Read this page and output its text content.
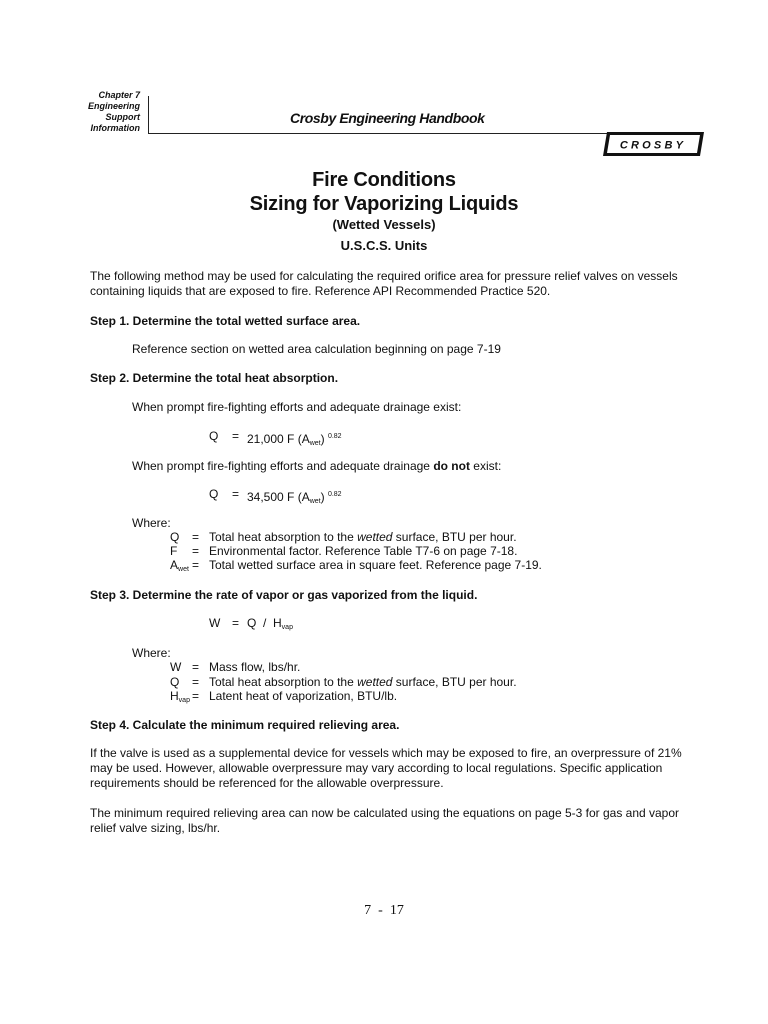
Chapter 7
Engineering
Support
Information
Crosby Engineering Handbook
CROSBY
Fire Conditions
Sizing for Vaporizing Liquids
(Wetted Vessels)
U.S.C.S. Units
The following method may be used for calculating the required orifice area for pressure relief valves on vessels
containing liquids that are exposed to fire. Reference API Recommended Practice 520.
Step 1. Determine the total wetted surface area.
Reference section on wetted area calculation beginning on page 7-19
Step 2. Determine the total heat absorption.
When prompt fire-fighting efforts and adequate drainage exist:
Q = 21,000 F $(A_{wet})$ $^{0.82}$
When prompt fire-fighting efforts and adequate drainage do not exist:
Q = 34,500 F $(A_{wet})$ $^{0.82}$
Where:
Q = Total heat absorption to the wetted surface, BTU per hour.
F = Environmental factor. Reference Table T7-6 on page 7-18.
$A_{wet}$ = Total wetted surface area in square feet. Reference page 7-19.
Step 3. Determine the rate of vapor or gas vaporized from the liquid.
$W = Q / H_{vap}$
Where:
W = Mass flow, lbs/hr.
Q = Total heat absorption to the wetted surface, BTU per hour.
$H_{vap}$ = Latent heat of vaporization, BTU/lb.
Step 4. Calculate the minimum required relieving area.
If the valve is used as a supplemental device for vessels which may be exposed to fire, an overpressure of 21%
may be used. However, allowable overpressure may vary according to local regulations. Specific application
requirements should be referenced for the allowable overpressure.
The minimum required relieving area can now be calculated using the equations on page 5-3 for gas and vapor
relief valve sizing, lbs/hr.
7  -  17
